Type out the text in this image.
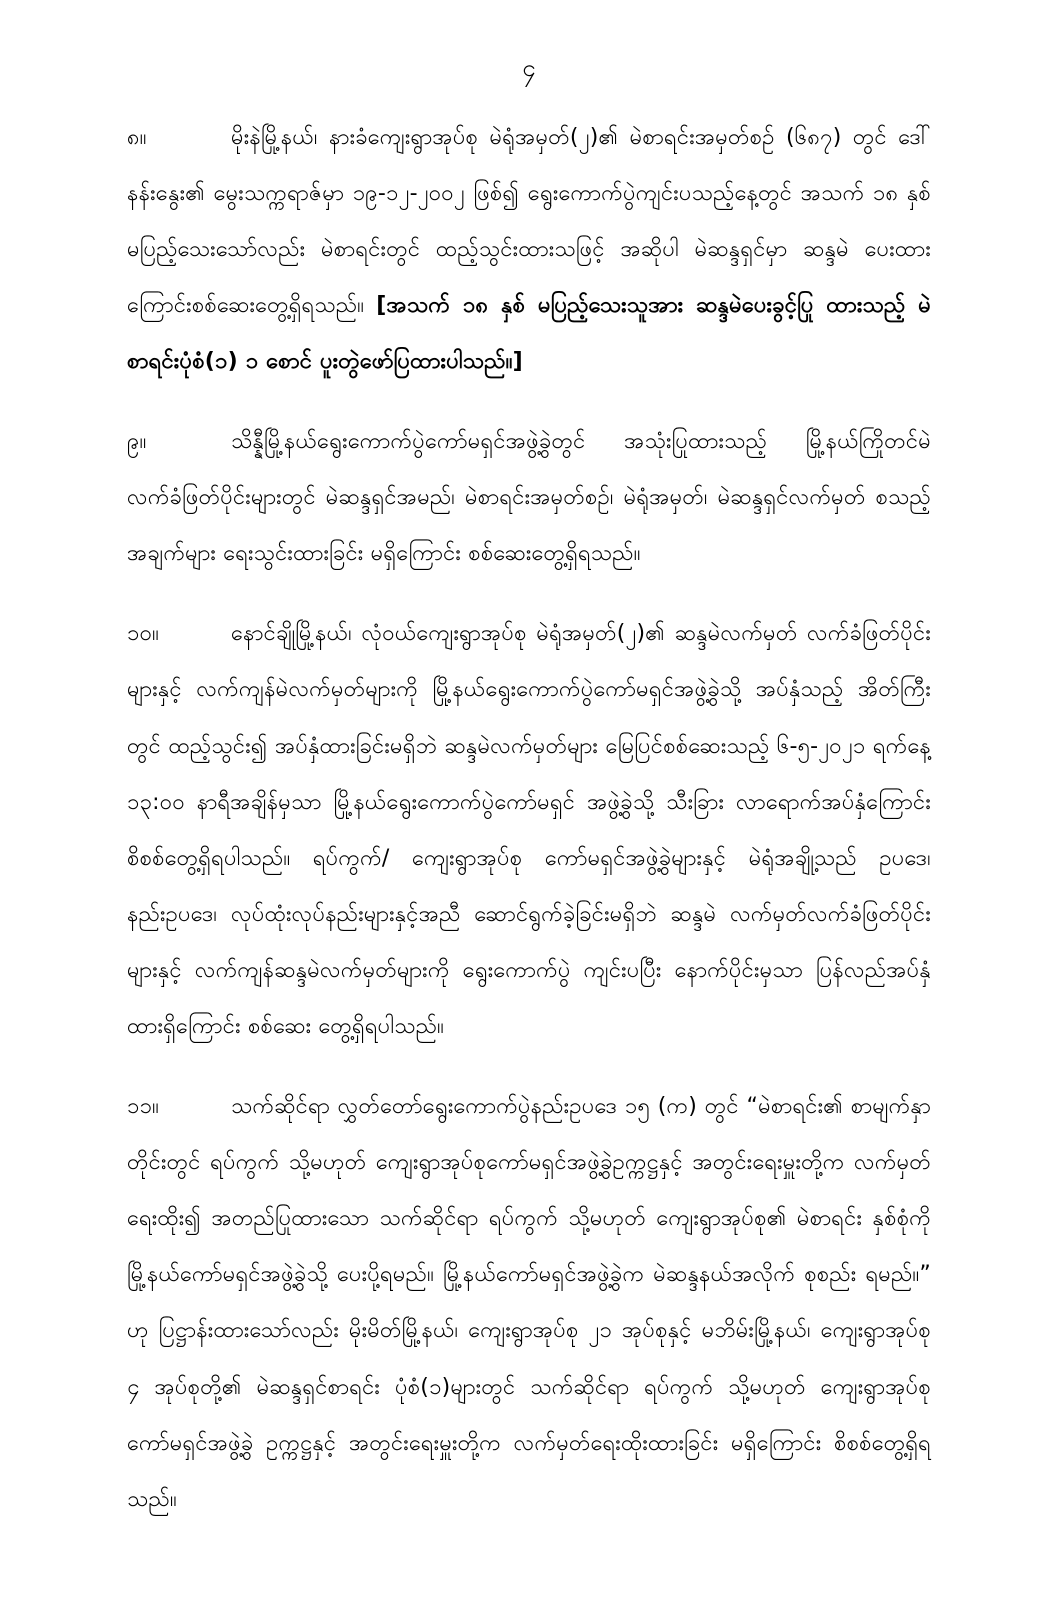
၄

၈။	မိုးနဲမြို့နယ်၊ နားခံကျေးရွာအုပ်စု မဲရုံအမှတ်(၂)၏ မဲစာရင်းအမှတ်စဉ် (၆၈၇) တွင် ဒေါ်နန်းနွေး၏ မွေးသက္ကရာဇ်မှာ ၁၉-၁၂-၂၀၀၂ ဖြစ်၍ ရွေးကောက်ပွဲကျင်းပသည့်နေ့တွင် အသက် ၁၈ နှစ် မပြည့်သေးသော်လည်း မဲစာရင်းတွင် ထည့်သွင်းထားသဖြင့် အဆိုပါ မဲဆန္ဒရှင်မှာ ဆန္ဒမဲ ပေးထားကြောင်းစစ်ဆေးတွေ့ရှိရသည်။ [အသက် ၁၈ နှစ် မပြည့်သေးသူအား ဆန္ဒမဲပေးခွင့်ပြု ထားသည့် မဲစာရင်းပုံစံ(၁) ၁ စောင် ပူးတွဲဖော်ပြထားပါသည်။]

၉။	သိန္နီမြို့နယ်ရွေးကောက်ပွဲကော်မရှင်အဖွဲ့ခွဲတွင် အသုံးပြုထားသည့် မြို့နယ်ကြိုတင်မဲ လက်ခံဖြတ်ပိုင်းများတွင် မဲဆန္ဒရှင်အမည်၊ မဲစာရင်းအမှတ်စဉ်၊ မဲရုံအမှတ်၊ မဲဆန္ဒရှင်လက်မှတ် စသည့် အချက်များ ရေးသွင်းထားခြင်း မရှိကြောင်း စစ်ဆေးတွေ့ရှိရသည်။

၁၀။	နောင်ချိုမြို့နယ်၊ လုံဝယ်ကျေးရွာအုပ်စု မဲရုံအမှတ်(၂)၏ ဆန္ဒမဲလက်မှတ် လက်ခံဖြတ်ပိုင်း များနှင့် လက်ကျန်မဲလက်မှတ်များကို မြို့နယ်ရွေးကောက်ပွဲကော်မရှင်အဖွဲ့ခွဲသို့ အပ်နှံသည့် အိတ်ကြီးတွင် ထည့်သွင်း၍ အပ်နှံထားခြင်းမရှိဘဲ ဆန္ဒမဲလက်မှတ်များ မြေပြင်စစ်ဆေးသည့် ၆-၅-၂၀၂၁ ရက်နေ့ ၁၃:၀၀ နာရီအချိန်မှသာ မြို့နယ်ရွေးကောက်ပွဲကော်မရှင် အဖွဲ့ခွဲသို့ သီးခြား လာရောက်အပ်နှံကြောင်း စိစစ်တွေ့ရှိရပါသည်။ ရပ်ကွက်/ ကျေးရွာအုပ်စု ကော်မရှင်အဖွဲ့ခွဲများနှင့် မဲရုံအချို့သည် ဥပဒေ၊ နည်းဥပဒေ၊ လုပ်ထုံးလုပ်နည်းများနှင့်အညီ ဆောင်ရွက်ခဲ့ခြင်းမရှိဘဲ ဆန္ဒမဲ လက်မှတ်လက်ခံဖြတ်ပိုင်းများနှင့် လက်ကျန်ဆန္ဒမဲလက်မှတ်များကို ရွေးကောက်ပွဲ ကျင်းပပြီး နောက်ပိုင်းမှသာ ပြန်လည်အပ်နှံထားရှိကြောင်း စစ်ဆေး တွေ့ရှိရပါသည်။

၁၁။	သက်ဆိုင်ရာ လွှတ်တော်ရွေးကောက်ပွဲနည်းဥပဒေ ၁၅ (က) တွင် “မဲစာရင်း၏ စာမျက်နှာ တိုင်းတွင် ရပ်ကွက် သို့မဟုတ် ကျေးရွာအုပ်စုကော်မရှင်အဖွဲ့ခွဲဥက္ကဋ္ဌနှင့် အတွင်းရေးမှူးတို့က လက်မှတ် ရေးထိုး၍ အတည်ပြုထားသော သက်ဆိုင်ရာ ရပ်ကွက် သို့မဟုတ် ကျေးရွာအုပ်စု၏ မဲစာရင်း နှစ်စုံကို မြို့နယ်ကော်မရှင်အဖွဲ့ခွဲသို့ ပေးပို့ရမည်။ မြို့နယ်ကော်မရှင်အဖွဲ့ခွဲက မဲဆန္ဒနယ်အလိုက် စုစည်း ရမည်။” ဟု ပြဋ္ဌာန်းထားသော်လည်း မိုးမိတ်မြို့နယ်၊ ကျေးရွာအုပ်စု ၂၁ အုပ်စုနှင့် မဘိမ်းမြို့နယ်၊ ကျေးရွာအုပ်စု ၄ အုပ်စုတို့၏ မဲဆန္ဒရှင်စာရင်း ပုံစံ(၁)များတွင် သက်ဆိုင်ရာ ရပ်ကွက် သို့မဟုတ် ကျေးရွာအုပ်စုကော်မရှင်အဖွဲ့ခွဲ ဥက္ကဋ္ဌနှင့် အတွင်းရေးမှူးတို့က လက်မှတ်ရေးထိုးထားခြင်း မရှိကြောင်း စိစစ်တွေ့ရှိရသည်။
